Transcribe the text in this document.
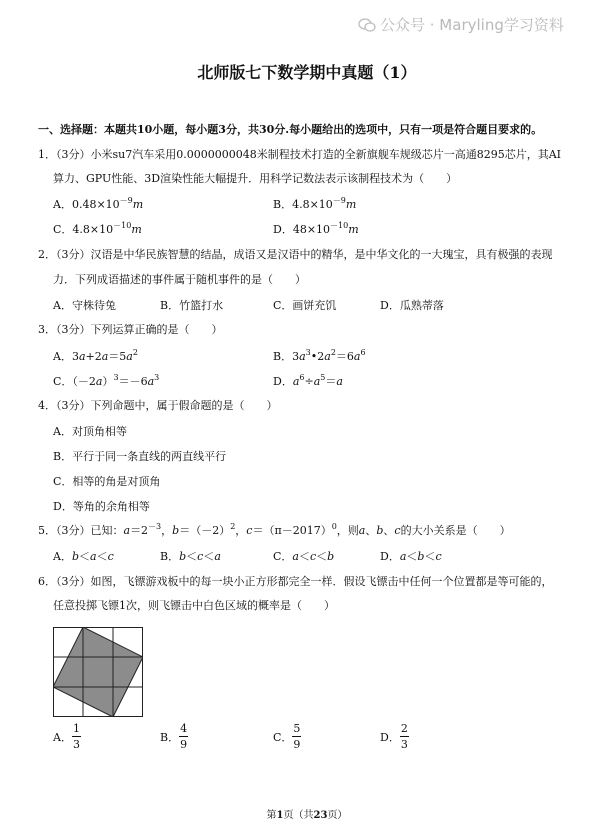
公众号 · Maryling学习资料
北师版七下数学期中真题（1）
一、选择题：本题共10小题，每小题3分，共30分.每小题给出的选项中，只有一项是符合题目要求的。
1．（3分）小米su7汽车采用0.0000000048米制程技术打造的全新旗舰车规级芯片一高通8295芯片，其AI
算力、GPU性能、3D渲染性能大幅提升．用科学记数法表示该制程技术为（　　）
A．$0.48\times 10^{-9}m$	B．$4.8\times 10^{-9}m$
C．$4.8\times 10^{-10}m$	D．$48\times 10^{-10}m$
2．（3分）汉语是中华民族智慧的结晶，成语又是汉语中的精华，是中华文化的一大瑰宝，具有极强的表现
力．下列成语描述的事件属于随机事件的是（　　）
A．守株待兔	B．竹篮打水	C．画饼充饥	D．瓜熟蒂落
3．（3分）下列运算正确的是（　　）
A．$3a+2a=5a^2$	B．$3a^3•2a^2=6a^6$
C．$(-2a)^3=-6a^3$	D．$a^6\div a^5=a$
4．（3分）下列命题中，属于假命题的是（　　）
A．对顶角相等
B．平行于同一条直线的两直线平行
C．相等的角是对顶角
D．等角的余角相等
5．（3分）已知：$a=2^{-3}$，$b=(-2)^2$，$c=(\pi-2017)^0$，则a、b、c的大小关系是（　　）
A．b＜a＜c	B．b＜c＜a	C．a＜c＜b	D．a＜b＜c
6．（3分）如图，飞镖游戏板中的每一块小正方形都完全一样．假设飞镖击中任何一个位置都是等可能的，
任意投掷飞镖1次，则飞镖击中白色区域的概率是（　　）
A． $\frac{1}{3}$	B． $\frac{4}{9}$	C． $\frac{5}{9}$	D． $\frac{2}{3}$
第1页（共23页）
